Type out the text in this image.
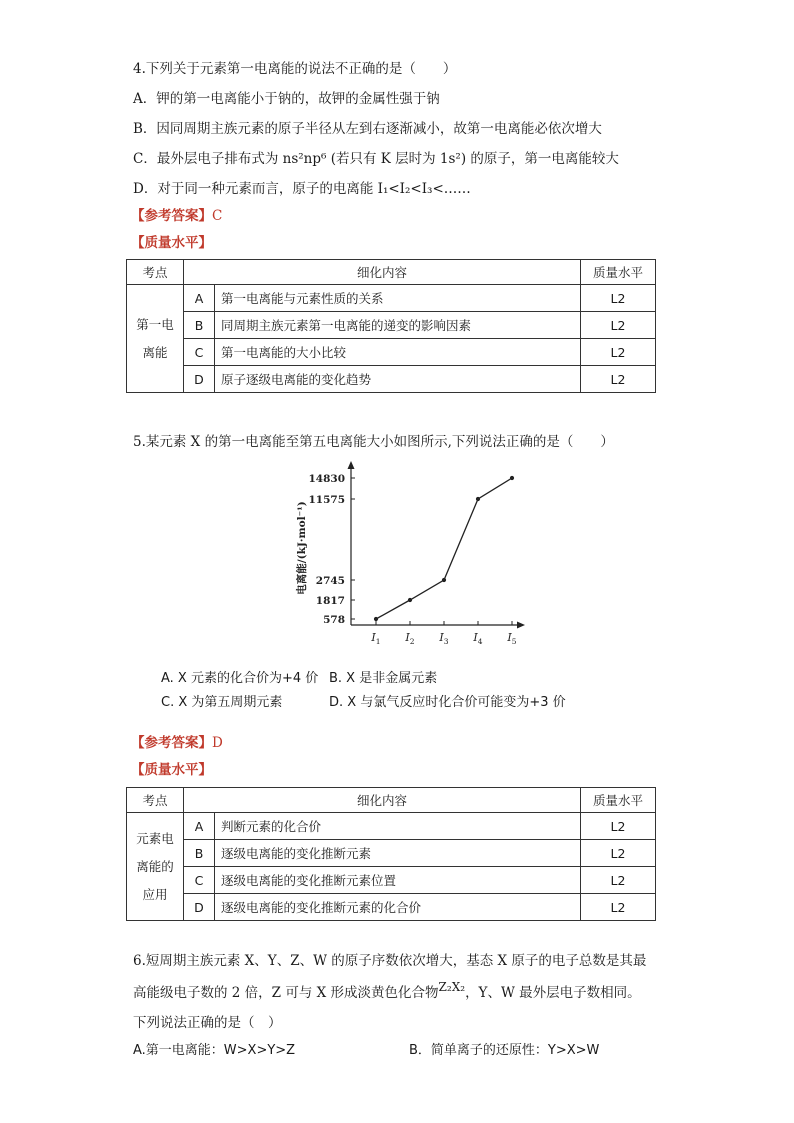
4.下列关于元素第一电离能的说法不正确的是（　　）
A．钾的第一电离能小于钠的，故钾的金属性强于钠
B．因同周期主族元素的原子半径从左到右逐渐减小，故第一电离能必依次增大
C．最外层电子排布式为 ns²np⁶ (若只有 K 层时为 1s²) 的原子，第一电离能较大
D．对于同一种元素而言，原子的电离能 I₁<I₂<I₃<……
【参考答案】C
【质量水平】
考点	细化内容		质量水平
第一电离能	A	第一电离能与元素性质的关系	L2
	B	同周期主族元素第一电离能的递变的影响因素	L2
	C	第一电离能的大小比较	L2
	D	原子逐级电离能的变化趋势	L2
5.某元素 X 的第一电离能至第五电离能大小如图所示,下列说法正确的是（　　）
578
1817
2745
11575
14830
$I_1$ $I_2$ $I_3$ $I_4$ $I_5$
电离能/(kJ·mol⁻¹)
A. X 元素的化合价为+4 价 B. X 是非金属元素
C. X 为第五周期元素	D. X 与氯气反应时化合价可能变为+3 价
【参考答案】D
【质量水平】
考点	细化内容		质量水平
元素电离能的应用	A	判断元素的化合价	L2
	B	逐级电离能的变化推断元素	L2
	C	逐级电离能的变化推断元素位置	L2
	D	逐级电离能的变化推断元素的化合价	L2
6.短周期主族元素 X、Y、Z、W 的原子序数依次增大，基态 X 原子的电子总数是其最
高能级电子数的 2 倍，Z 可与 X 形成淡黄色化合物Z₂X₂，Y、W 最外层电子数相同。
下列说法正确的是（　）
A.第一电离能：W>X>Y>Z	B．简单离子的还原性：Y>X>W
